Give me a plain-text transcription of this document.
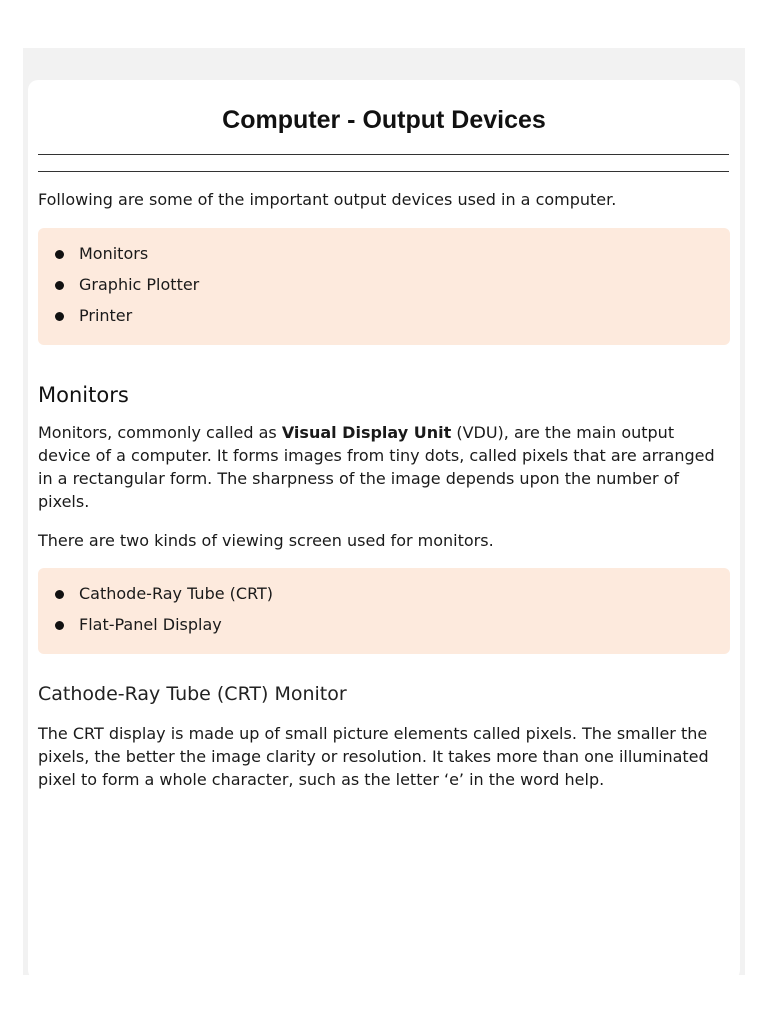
Computer - Output Devices

Following are some of the important output devices used in a computer.

Monitors
Graphic Plotter
Printer
Monitors

Monitors, commonly called as Visual Display Unit (VDU), are the main output device of a computer. It forms images from tiny dots, called pixels that are arranged in a rectangular form. The sharpness of the image depends upon the number of pixels.

There are two kinds of viewing screen used for monitors.

Cathode-Ray Tube (CRT)
Flat-Panel Display
Cathode-Ray Tube (CRT) Monitor

The CRT display is made up of small picture elements called pixels. The smaller the pixels, the better the image clarity or resolution. It takes more than one illuminated pixel to form a whole character, such as the letter ‘e’ in the word help.
